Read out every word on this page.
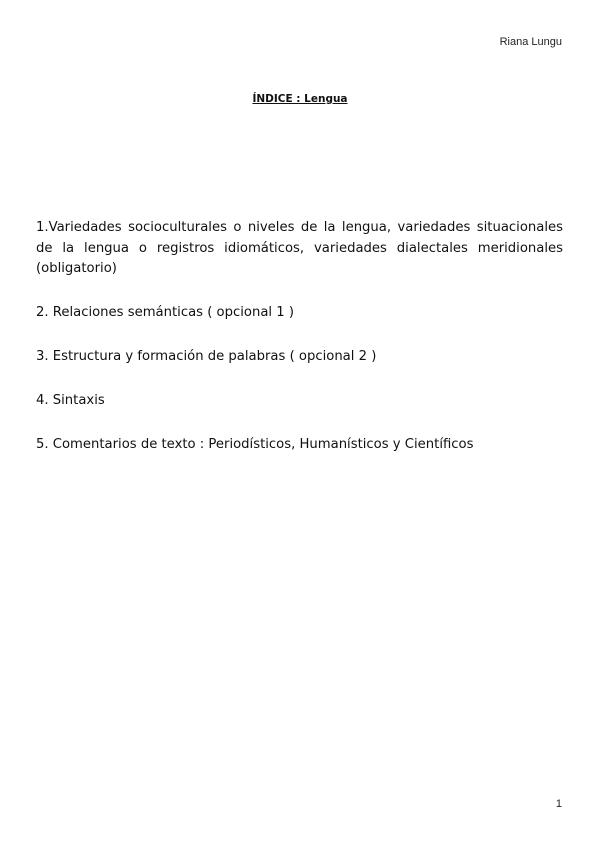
Riana Lungu
ÍNDICE : Lengua
1.Variedades socioculturales o niveles de la lengua, variedades situacionales de la lengua o registros idiomáticos, variedades dialectales meridionales (obligatorio)
2. Relaciones semánticas ( opcional 1 )
3. Estructura y formación de palabras ( opcional 2 )
4. Sintaxis
5. Comentarios de texto : Periodísticos, Humanísticos y Científicos
1
